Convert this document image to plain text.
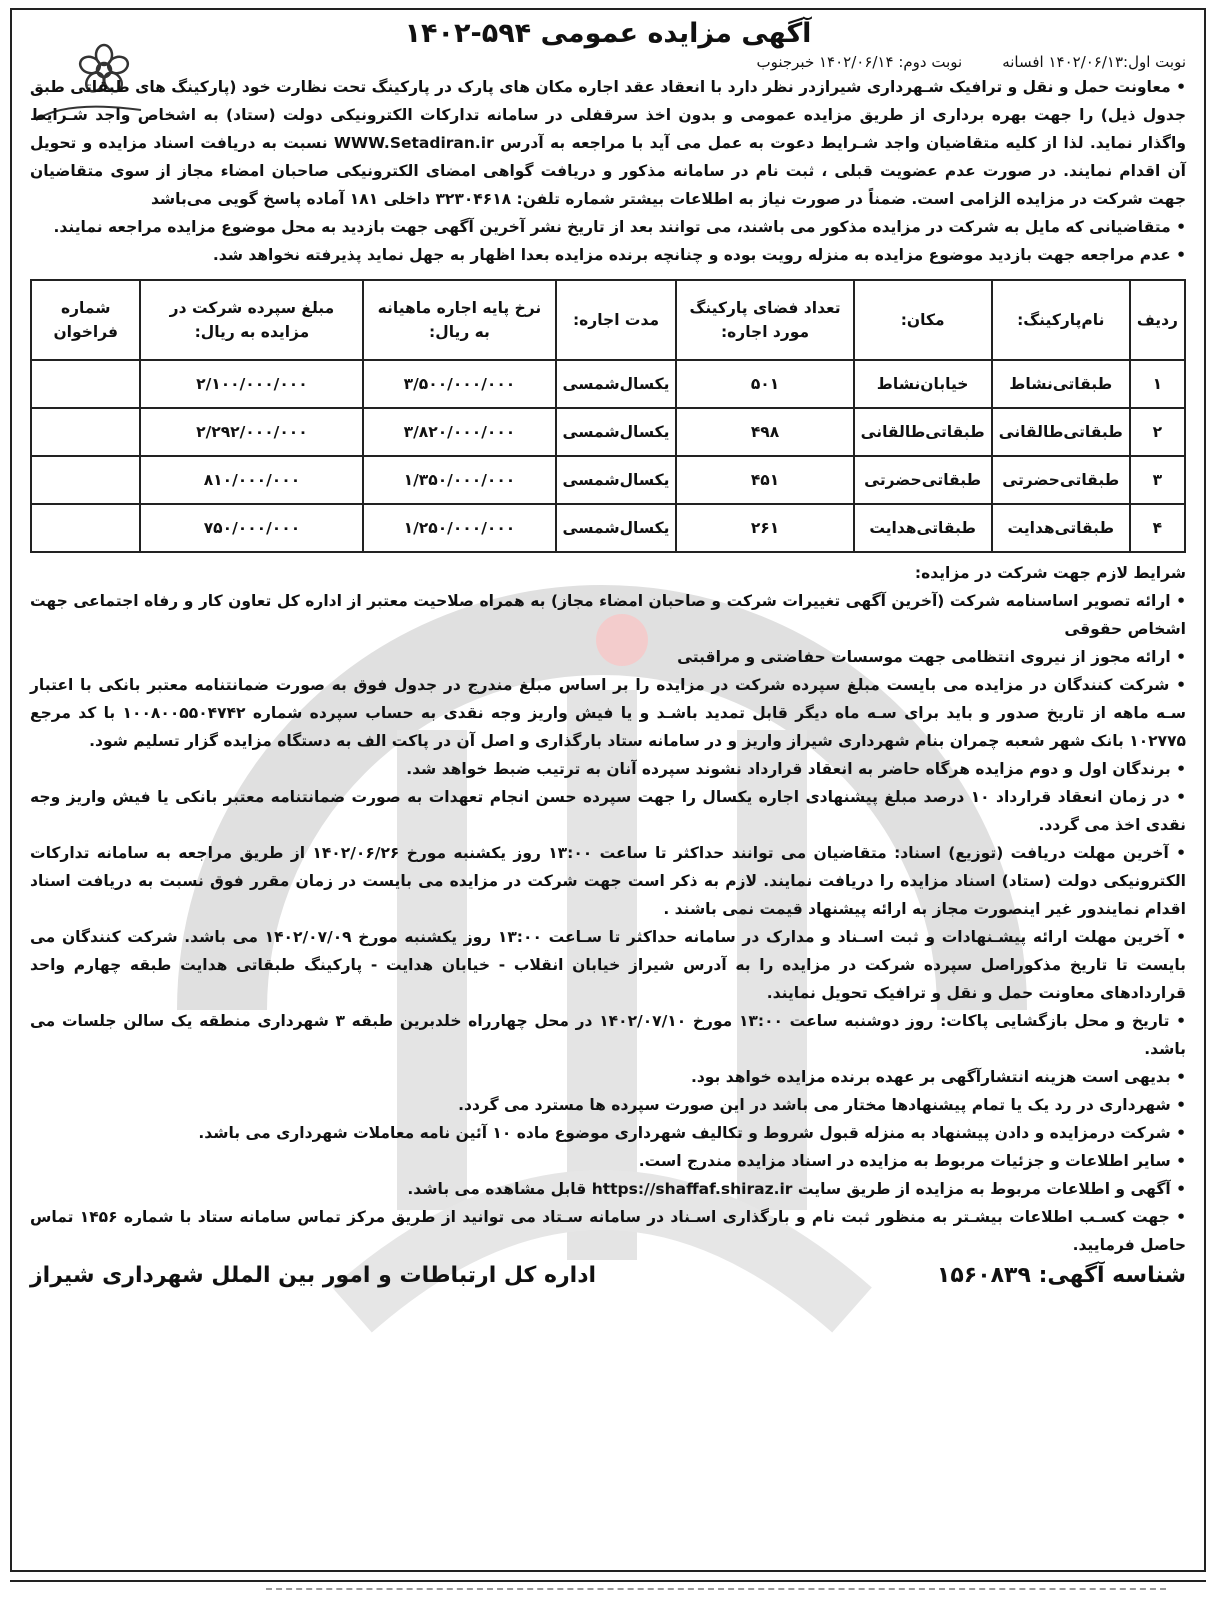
آگهی مزایده عمومی ۵۹۴-۱۴۰۲
نوبت اول:۱۴۰۲/۰۶/۱۳ افسانه
نوبت دوم: ۱۴۰۲/۰۶/۱۴ خبرجنوب

• معاونت حمل و نقل و ترافیک شـهرداری شیرازدر نظر دارد با انعقاد عقد اجاره مکان های پارک در پارکینگ تحت نظارت خود (پارکینگ های طبقاتی طبق جدول ذیل) را جهت بهره برداری از طریق مزایده عمومی و بدون اخذ سرقفلی در سامانه تدارکات الکترونیکی دولت (ستاد) به اشخاص واجد شـرایط واگذار نماید. لذا از کلیه متقاضیان واجد شـرایط دعوت به عمل می آید با مراجعه به آدرس WWW.Setadiran.ir نسبت به دریافت اسناد مزایده و تحویل آن اقدام نمایند. در صورت عدم عضویت قبلی ، ثبت نام در سامانه مذکور و دریافت گواهی امضای الکترونیکی صاحبان امضاء مجاز از سوی متقاضیان جهت شرکت در مزایده الزامی است. ضمناً در صورت نیاز به اطلاعات بیشتر شماره تلفن: ۳۲۳۰۴۶۱۸ داخلی ۱۸۱ آماده پاسخ گویی می‌باشد

• متقاضیانی که مایل به شرکت در مزایده مذکور می باشند، می توانند بعد از تاریخ نشر آخرین آگهی جهت بازدید به محل موضوع مزایده مراجعه نمایند.

• عدم مراجعه جهت بازدید موضوع مزایده به منزله رویت بوده و چنانچه برنده مزایده بعدا اظهار به جهل نماید پذیرفته نخواهد شد.

ردیف	نام‌پارکینگ:	مکان:	تعداد فضای پارکینگ مورد اجاره:	مدت اجاره:	نرخ پایه اجاره ماهیانه به ریال:	مبلغ سپرده شرکت در مزایده به ریال:	شماره فراخوان
۱	طبقاتی‌نشاط	خیابان‌نشاط	۵۰۱	یکسال‌شمسی	۳/۵۰۰/۰۰۰/۰۰۰	۲/۱۰۰/۰۰۰/۰۰۰	
۲	طبقاتی‌طالقانی	طبقاتی‌طالقانی	۴۹۸	یکسال‌شمسی	۳/۸۲۰/۰۰۰/۰۰۰	۲/۲۹۲/۰۰۰/۰۰۰	
۳	طبقاتی‌حضرتی	طبقاتی‌حضرتی	۴۵۱	یکسال‌شمسی	۱/۳۵۰/۰۰۰/۰۰۰	۸۱۰/۰۰۰/۰۰۰	
۴	طبقاتی‌هدایت	طبقاتی‌هدایت	۲۶۱	یکسال‌شمسی	۱/۲۵۰/۰۰۰/۰۰۰	۷۵۰/۰۰۰/۰۰۰	

شرایط لازم جهت شرکت در مزایده:

• ارائه تصویر اساسنامه شرکت (آخرین آگهی تغییرات شرکت و صاحبان امضاء مجاز) به همراه صلاحیت معتبر از اداره کل تعاون کار و رفاه اجتماعی جهت اشخاص حقوقی

• ارائه مجوز از نیروی انتظامی جهت موسسات حفاضتی و مراقبتی

• شرکت کنندگان در مزایده می بایست مبلغ سپرده شرکت در مزایده را بر اساس مبلغ مندرج در جدول فوق به صورت ضمانتنامه معتبر بانکی با اعتبار سـه ماهه از تاریخ صدور و باید برای سـه ماه دیگر قابل تمدید باشـد و یا فیش واریز وجه نقدی به حساب سپرده شماره ۱۰۰۸۰۰۵۵۰۴۷۴۲ با کد مرجع ۱۰۲۷۷۵ بانک شهر شعبه چمران بنام شهرداری شیراز واریز و در سامانه ستاد بارگذاری و اصل آن در پاکت الف به دستگاه مزایده گزار تسلیم شود.

• برندگان اول و دوم مزایده هرگاه حاضر به انعقاد قرارداد نشوند سپرده آنان به ترتیب ضبط خواهد شد.

• در زمان انعقاد قرارداد ۱۰ درصد مبلغ پیشنهادی اجاره یکسال را جهت سپرده حسن انجام تعهدات به صورت ضمانتنامه معتبر بانکی یا فیش واریز وجه نقدی اخذ می گردد.

• آخرین مهلت دریافت (توزیع) اسناد: متقاضیان می توانند حداکثر تا ساعت ۱۳:۰۰ روز یکشنبه مورخ ۱۴۰۲/۰۶/۲۶ از طریق مراجعه به سامانه تدارکات الکترونیکی دولت (ستاد) اسناد مزایده را دریافت نمایند. لازم به ذکر است جهت شرکت در مزایده می بایست در زمان مقرر فوق نسبت به دریافت اسناد اقدام نمایندور غیر اینصورت مجاز به ارائه پیشنهاد قیمت نمی باشند .

• آخرین مهلت ارائه پیشـنهادات و ثبت اسـناد و مدارک در سامانه حداکثر تا سـاعت ۱۳:۰۰ روز یکشنبه مورخ ۱۴۰۲/۰۷/۰۹ می باشد. شرکت کنندگان می بایست تا تاریخ مذکوراصل سپرده شرکت در مزایده را به آدرس شیراز خیابان انقلاب - خیابان هدایت - پارکینگ طبقاتی هدایت طبقه چهارم واحد قراردادهای معاونت حمل و نقل و ترافیک تحویل نمایند.

• تاریخ و محل بازگشایی پاکات: روز دوشنبه ساعت ۱۳:۰۰ مورخ ۱۴۰۲/۰۷/۱۰ در محل چهارراه خلدبرین طبقه ۳ شهرداری منطقه یک سالن جلسات می باشد.

• بدیهی است هزینه انتشارآگهی بر عهده برنده مزایده خواهد بود.

• شهرداری در رد یک یا تمام پیشنهادها مختار می باشد در این صورت سپرده ها مسترد می گردد.

• شرکت درمزایده و دادن پیشنهاد به منزله قبول شروط و تکالیف شهرداری موضوع ماده ۱۰ آئین نامه معاملات شهرداری می باشد.

• سایر اطلاعات و جزئیات مربوط به مزایده در اسناد مزایده مندرج است.

• آگهی و اطلاعات مربوط به مزایده از طریق سایت https://shaffaf.shiraz.ir قابل مشاهده می باشد.

• جهت کسـب اطلاعات بیشـتر به منظور ثبت نام و بارگذاری اسـناد در سامانه سـتاد می توانید از طریق مرکز تماس سامانه ستاد با شماره ۱۴۵۶ تماس حاصل فرمایید.

شناسه آگهی: ۱۵۶۰۸۳۹
اداره کل ارتباطات و امور بین الملل شهرداری شیراز
